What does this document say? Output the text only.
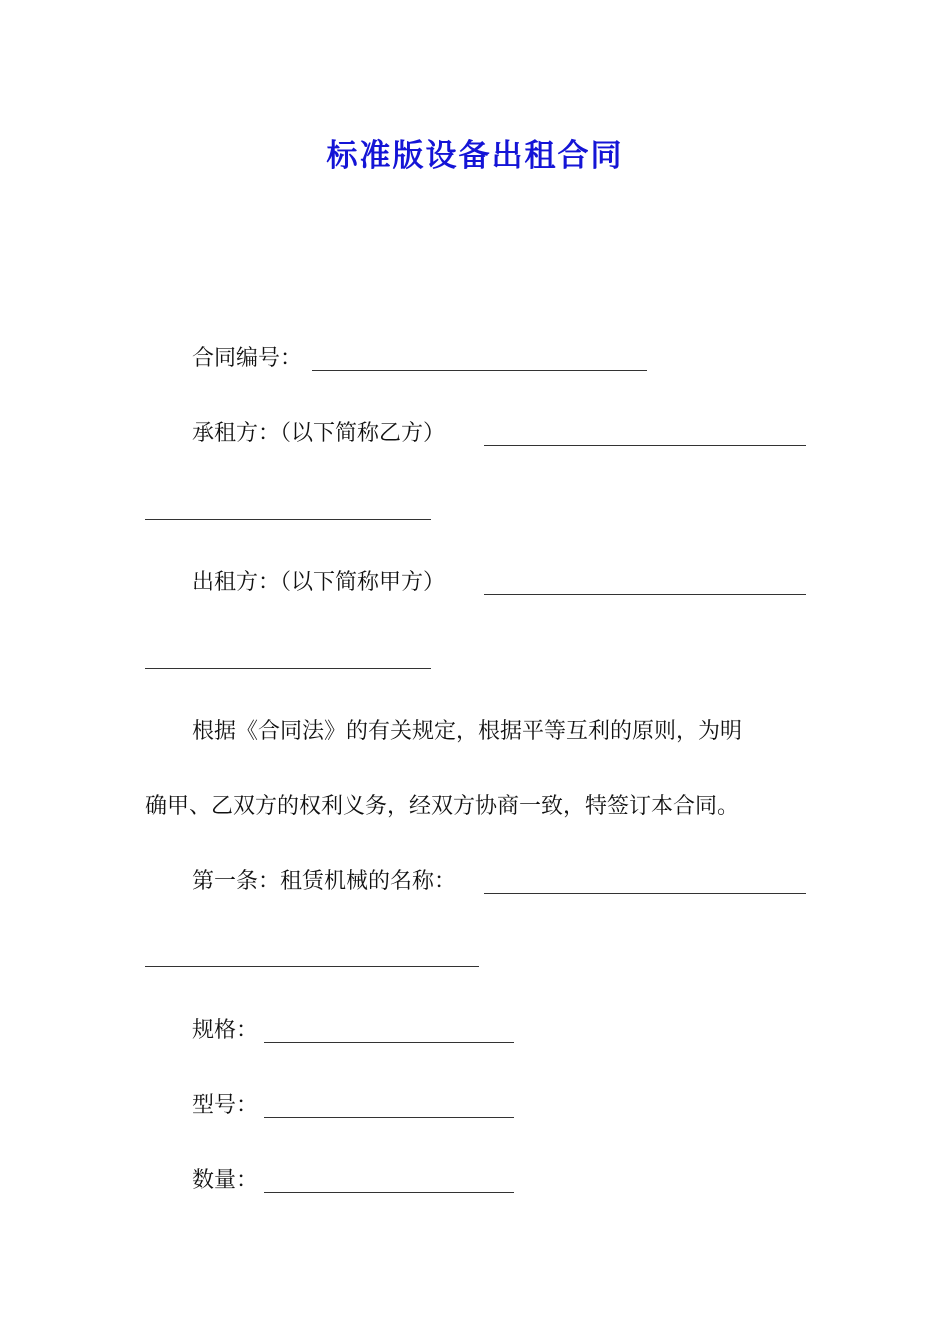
标准版设备出租合同
合同编号：
承租方：（以下简称乙方）
出租方：（以下简称甲方）
根据《合同法》的有关规定，根据平等互利的原则，为明
确甲、乙双方的权利义务，经双方协商一致，特签订本合同。
第一条：租赁机械的名称：
规格：
型号：
数量：
